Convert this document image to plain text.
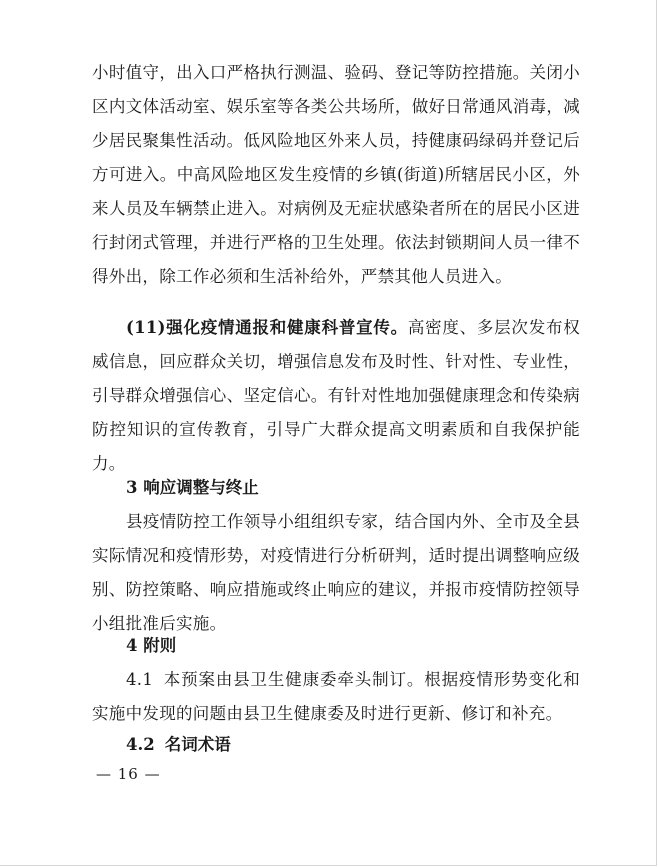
小时值守，出入口严格执行测温、验码、登记等防控措施。关闭小区内文体活动室、娱乐室等各类公共场所，做好日常通风消毒，减少居民聚集性活动。低风险地区外来人员，持健康码绿码并登记后方可进入。中高风险地区发生疫情的乡镇(街道)所辖居民小区，外来人员及车辆禁止进入。对病例及无症状感染者所在的居民小区进行封闭式管理，并进行严格的卫生处理。依法封锁期间人员一律不得外出，除工作必须和生活补给外，严禁其他人员进入。
(11)强化疫情通报和健康科普宣传。高密度、多层次发布权威信息，回应群众关切，增强信息发布及时性、针对性、专业性，引导群众增强信心、坚定信心。有针对性地加强健康理念和传染病防控知识的宣传教育，引导广大群众提高文明素质和自我保护能力。
3 响应调整与终止
县疫情防控工作领导小组组织专家，结合国内外、全市及全县实际情况和疫情形势，对疫情进行分析研判，适时提出调整响应级别、防控策略、响应措施或终止响应的建议，并报市疫情防控领导小组批准后实施。
4 附则
4.1 本预案由县卫生健康委牵头制订。根据疫情形势变化和实施中发现的问题由县卫生健康委及时进行更新、修订和补充。
4.2 名词术语
— 16 —
